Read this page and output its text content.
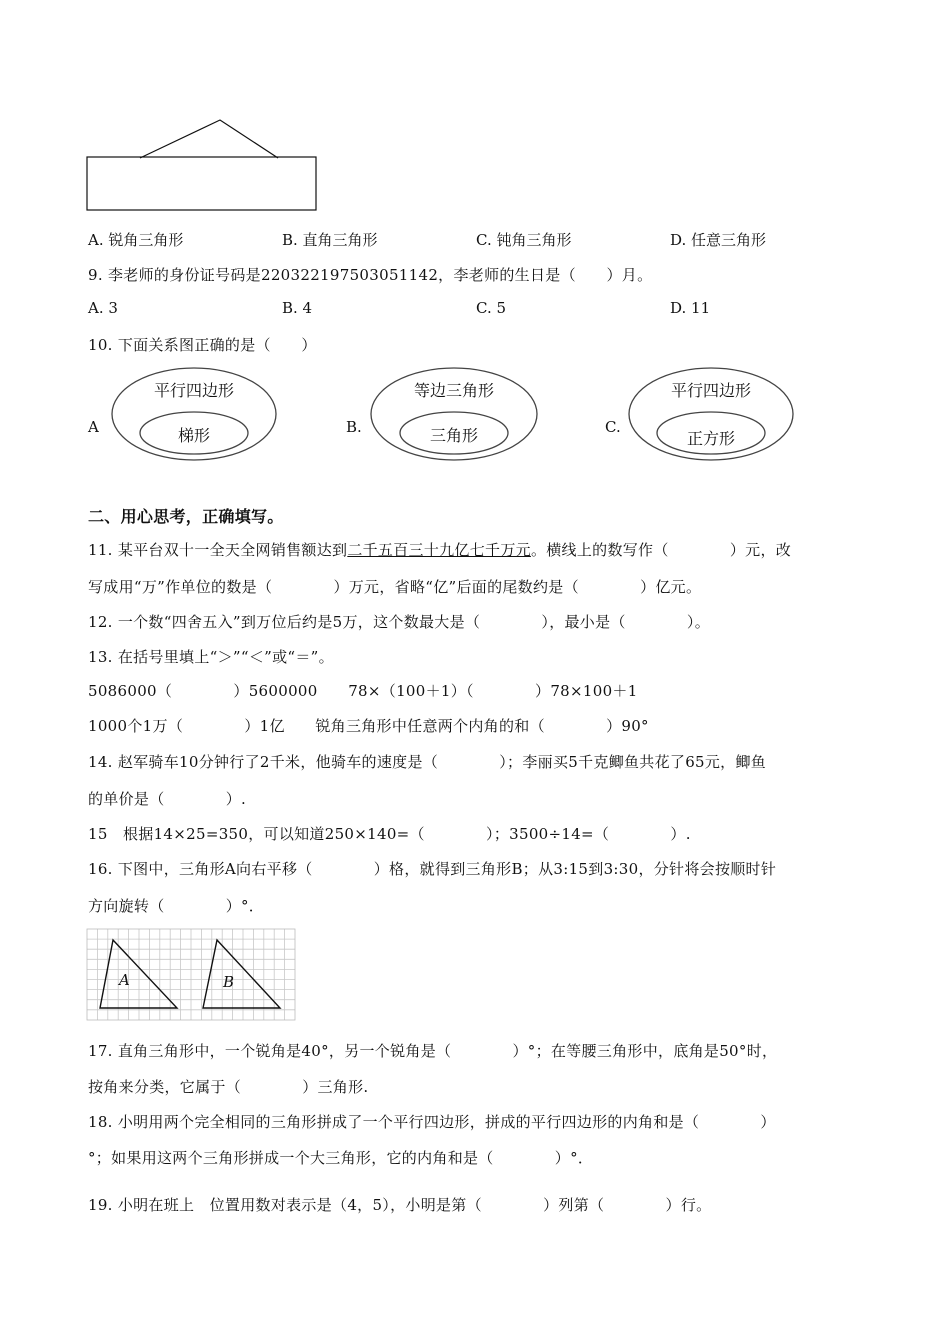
A. 锐角三角形	B. 直角三角形	C. 钝角三角形	D. 任意三角形
9. 李老师的身份证号码是220322197503051142，李老师的生日是（　　）月。
A. 3	B. 4	C. 5	D. 11
10. 下面关系图正确的是（　　）
A
平行四边形
梯形	B.
等边三角形
三角形	C.
平行四边形
正方形
二、用心思考，正确填写。
11. 某平台双十一全天全网销售额达到二千五百三十九亿七千万元。横线上的数写作（　　　　）元，改
写成用“万”作单位的数是（　　　　）万元，省略“亿”后面的尾数约是（　　　　）亿元。
12. 一个数“四舍五入”到万位后约是5万，这个数最大是（　　　　），最小是（　　　　）。
13. 在括号里填上“＞”“＜”或“＝”。
5086000（　　　　）5600000　　78×（100＋1）（　　　　）78×100＋1
1000个1万（　　　　）1亿　　锐角三角形中任意两个内角的和（　　　　）90°
14. 赵军骑车10分钟行了2千米，他骑车的速度是（　　　　）；李丽买5千克鲫鱼共花了65元，鲫鱼
的单价是（　　　　）.
15　根据14×25=350，可以知道250×140=（　　　　）；3500÷14=（　　　　）.
16. 下图中，三角形A向右平移（　　　　）格，就得到三角形B；从3:15到3:30，分针将会按顺时针
方向旋转（　　　　）°．
A	B
17. 直角三角形中，一个锐角是40°，另一个锐角是（　　　　）°；在等腰三角形中，底角是50°时，
按角来分类，它属于（　　　　）三角形.
18. 小明用两个完全相同的三角形拼成了一个平行四边形，拼成的平行四边形的内角和是（　　　　）
°；如果用这两个三角形拼成一个大三角形，它的内角和是（　　　　）°．
19. 小明在班上　位置用数对表示是（4，5），小明是第（　　　　）列第（　　　　）行。
